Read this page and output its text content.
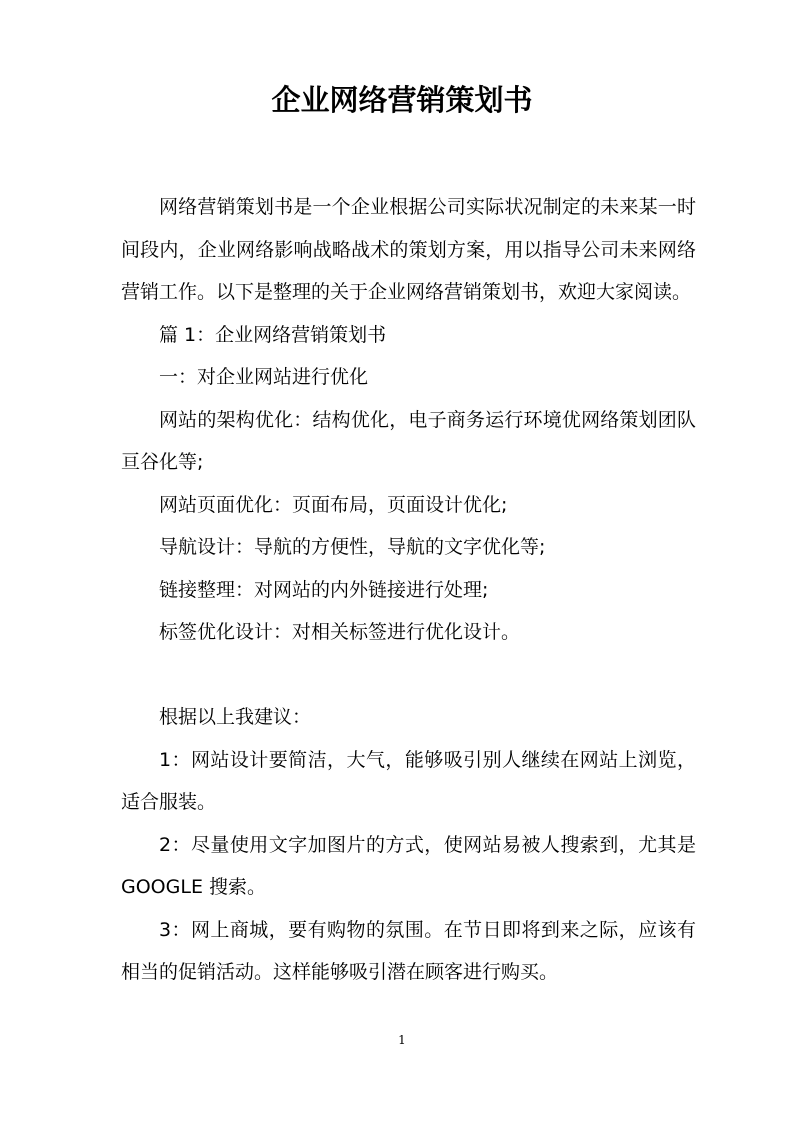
企业网络营销策划书

网络营销策划书是一个企业根据公司实际状况制定的未来某一时间段内，企业网络影响战略战术的策划方案，用以指导公司未来网络营销工作。以下是整理的关于企业网络营销策划书，欢迎大家阅读。

篇 1：企业网络营销策划书

一：对企业网站进行优化

网站的架构优化：结构优化，电子商务运行环境优网络策划团队亘谷化等;

网站页面优化：页面布局，页面设计优化;

导航设计：导航的方便性，导航的文字优化等;

链接整理：对网站的内外链接进行处理;

标签优化设计：对相关标签进行优化设计。

根据以上我建议：

1：网站设计要简洁，大气，能够吸引别人继续在网站上浏览，适合服装。

2：尽量使用文字加图片的方式，使网站易被人搜索到，尤其是 GOOGLE 搜索。

3：网上商城，要有购物的氛围。在节日即将到来之际，应该有相当的促销活动。这样能够吸引潜在顾客进行购买。

1
